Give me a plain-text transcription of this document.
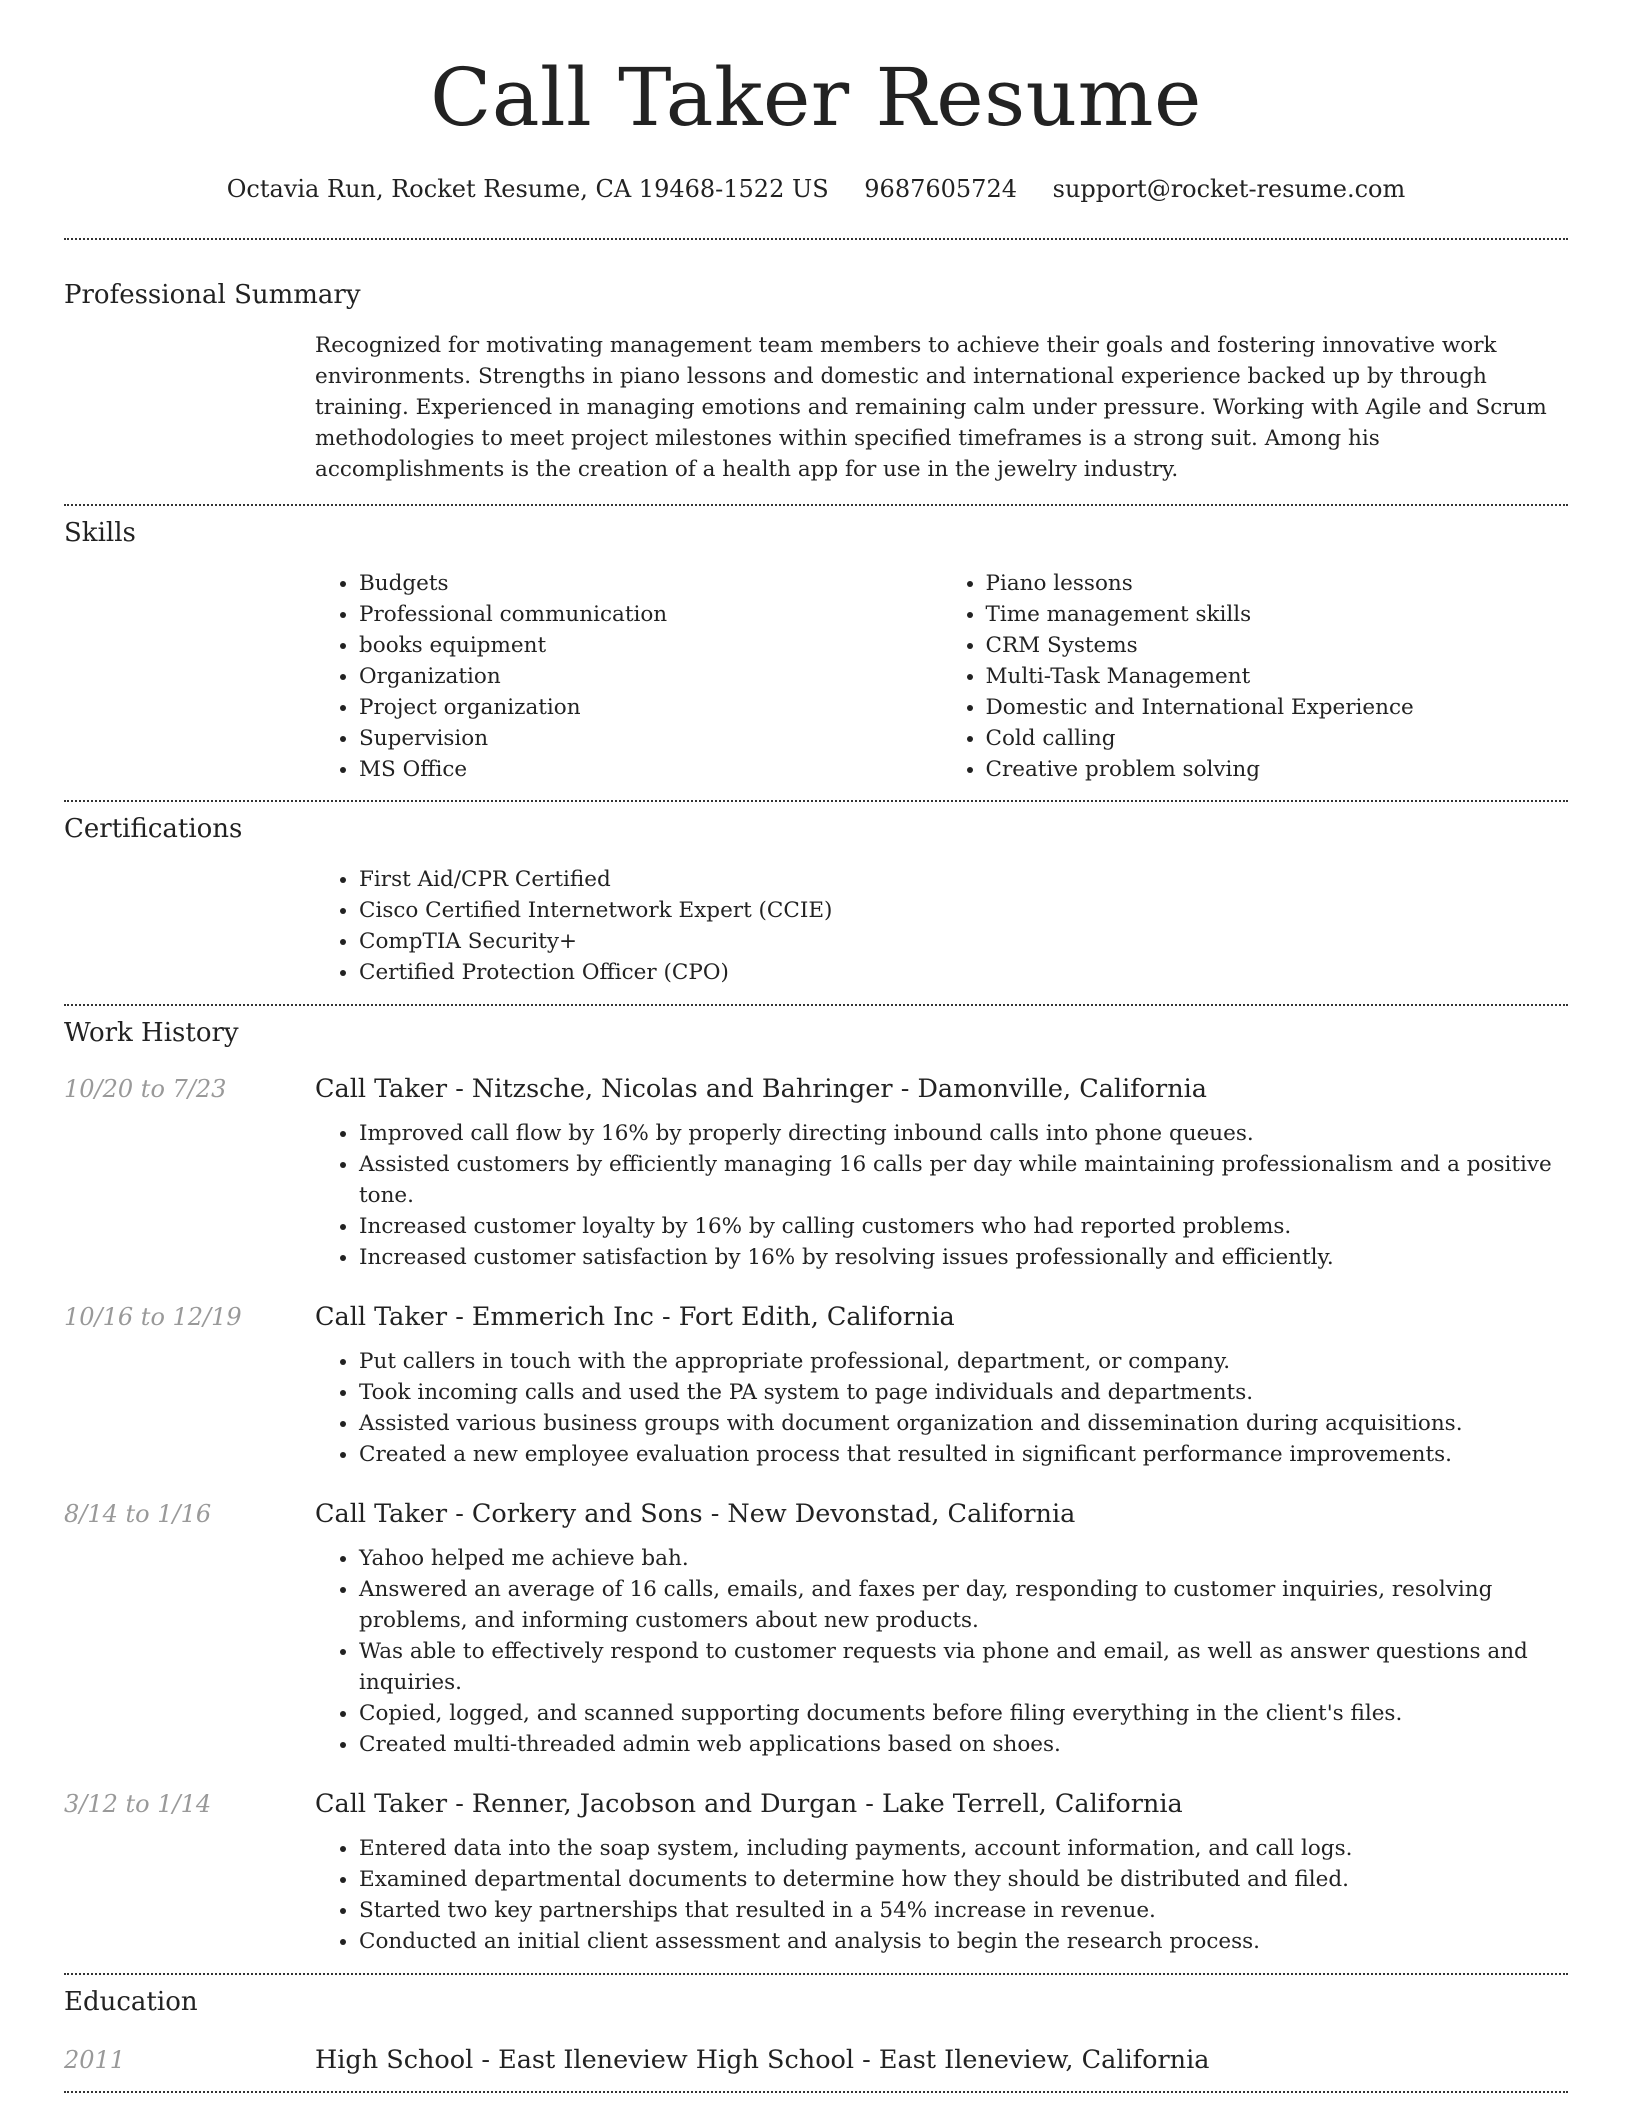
Call Taker Resume
Octavia Run, Rocket Resume, CA 19468-1522 US 9687605724 support@rocket-resume.com
Professional Summary
Recognized for motivating management team members to achieve their goals and fostering innovative work environments. Strengths in piano lessons and domestic and international experience backed up by through training. Experienced in managing emotions and remaining calm under pressure. Working with Agile and Scrum methodologies to meet project milestones within specified timeframes is a strong suit. Among his accomplishments is the creation of a health app for use in the jewelry industry.
Skills
• Budgets
• Professional communication
• books equipment
• Organization
• Project organization
• Supervision
• MS Office
• Piano lessons
• Time management skills
• CRM Systems
• Multi-Task Management
• Domestic and International Experience
• Cold calling
• Creative problem solving
Certifications
• First Aid/CPR Certified
• Cisco Certified Internetwork Expert (CCIE)
• CompTIA Security+
• Certified Protection Officer (CPO)
Work History
10/20 to 7/23	Call Taker - Nitzsche, Nicolas and Bahringer - Damonville, California
• Improved call flow by 16% by properly directing inbound calls into phone queues.
• Assisted customers by efficiently managing 16 calls per day while maintaining professionalism and a positive tone.
• Increased customer loyalty by 16% by calling customers who had reported problems.
• Increased customer satisfaction by 16% by resolving issues professionally and efficiently.
10/16 to 12/19	Call Taker - Emmerich Inc - Fort Edith, California
• Put callers in touch with the appropriate professional, department, or company.
• Took incoming calls and used the PA system to page individuals and departments.
• Assisted various business groups with document organization and dissemination during acquisitions.
• Created a new employee evaluation process that resulted in significant performance improvements.
8/14 to 1/16	Call Taker - Corkery and Sons - New Devonstad, California
• Yahoo helped me achieve bah.
• Answered an average of 16 calls, emails, and faxes per day, responding to customer inquiries, resolving problems, and informing customers about new products.
• Was able to effectively respond to customer requests via phone and email, as well as answer questions and inquiries.
• Copied, logged, and scanned supporting documents before filing everything in the client's files.
• Created multi-threaded admin web applications based on shoes.
3/12 to 1/14	Call Taker - Renner, Jacobson and Durgan - Lake Terrell, California
• Entered data into the soap system, including payments, account information, and call logs.
• Examined departmental documents to determine how they should be distributed and filed.
• Started two key partnerships that resulted in a 54% increase in revenue.
• Conducted an initial client assessment and analysis to begin the research process.
Education
2011	High School - East Ileneview High School - East Ileneview, California
